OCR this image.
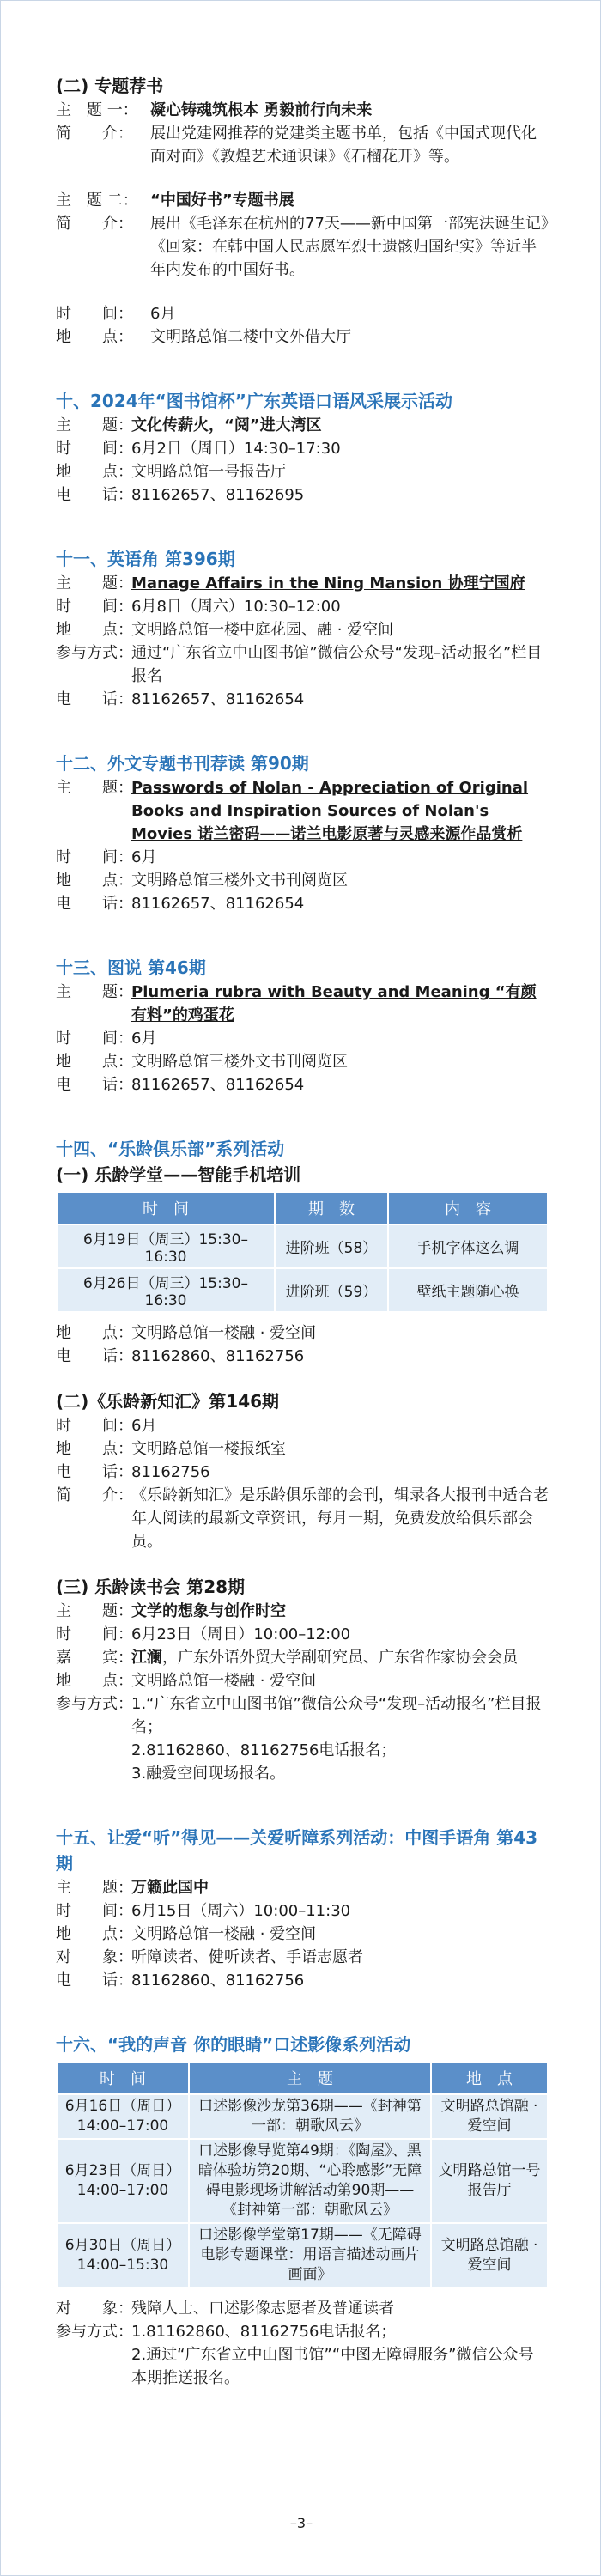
(二) 专题荐书
主　题 一： 凝心铸魂筑根本 勇毅前行向未来
简　　介：	展出党建网推荐的党建类主题书单，包括《中国式现代化面对面》《敦煌艺术通识课》《石榴花开》等。
主　题 二： “中国好书”专题书展
简　　介：	展出《毛泽东在杭州的77天——新中国第一部宪法诞生记》《回家：在韩中国人民志愿军烈士遗骸归国纪实》等近半年内发布的中国好书。
时　　间：	6月
地　　点：	文明路总馆二楼中文外借大厅
十、2024年“图书馆杯”广东英语口语风采展示活动
主　　题：
文化传薪火，“阅”进大湾区
时　　间：
6月2日（周日）14:30–17:30
地　　点：
文明路总馆一号报告厅
电　　话：
81162657、81162695
十一、英语角 第396期
主　　题：
Manage Affairs in the Ning Mansion 协理宁国府
时　　间：
6月8日（周六）10:30–12:00
地　　点：
文明路总馆一楼中庭花园、融 · 爱空间
参与方式：
通过“广东省立中山图书馆”微信公众号“发现–活动报名”栏目报名
电　　话：
81162657、81162654
十二、外文专题书刊荐读 第90期
主　　题：
Passwords of Nolan - Appreciation of Original Books and Inspiration Sources of Nolan's Movies 诺兰密码——诺兰电影原著与灵感来源作品赏析
时　　间：
6月
地　　点：
文明路总馆三楼外文书刊阅览区
电　　话：
81162657、81162654
十三、图说 第46期
主　　题：
Plumeria rubra with Beauty and Meaning “有颜有料”的鸡蛋花
时　　间：
6月
地　　点：
文明路总馆三楼外文书刊阅览区
电　　话：
81162657、81162654
十四、“乐龄俱乐部”系列活动
(一) 乐龄学堂——智能手机培训
时　间	期　数	内　容
6月19日（周三）15:30–16:30	进阶班（58）	手机字体这么调
6月26日（周三）15:30–16:30	进阶班（59）	壁纸主题随心换
地　　点：
文明路总馆一楼融 · 爱空间
电　　话：
81162860、81162756
(二)《乐龄新知汇》第146期
时　　间：
6月
地　　点：
文明路总馆一楼报纸室
电　　话：
81162756
简　　介：
《乐龄新知汇》是乐龄俱乐部的会刊，辑录各大报刊中适合老年人阅读的最新文章资讯，每月一期，免费发放给俱乐部会员。
(三) 乐龄读书会 第28期
主　　题：
文学的想象与创作时空
时　　间：
6月23日（周日）10:00–12:00
嘉　　宾：
江澜，广东外语外贸大学副研究员、广东省作家协会会员
地　　点：
文明路总馆一楼融 · 爱空间
参与方式：
1.“广东省立中山图书馆”微信公众号“发现–活动报名”栏目报名；
2.81162860、81162756电话报名；
3.融爱空间现场报名。
十五、让爱“听”得见——关爱听障系列活动：中图手语角 第43期
主　　题：
万籁此国中
时　　间：
6月15日（周六）10:00–11:30
地　　点：
文明路总馆一楼融 · 爱空间
对　　象：
听障读者、健听读者、手语志愿者
电　　话：
81162860、81162756
十六、“我的声音 你的眼睛”口述影像系列活动
时　间	主　题	地　点
6月16日（周日）14:00–17:00	口述影像沙龙第36期——《封神第一部：朝歌风云》	文明路总馆融 · 爱空间
6月23日（周日）14:00–17:00	口述影像导览第49期：《陶屋》、黑暗体验坊第20期、“心聆感影”无障碍电影现场讲解活动第90期——《封神第一部：朝歌风云》	文明路总馆一号报告厅
6月30日（周日）14:00–15:30	口述影像学堂第17期——《无障碍电影专题课堂：用语言描述动画片画面》	文明路总馆融 · 爱空间
对　　象：
残障人士、口述影像志愿者及普通读者
参与方式：
1.81162860、81162756电话报名；
2.通过“广东省立中山图书馆”“中图无障碍服务”微信公众号本期推送报名。
–3–
